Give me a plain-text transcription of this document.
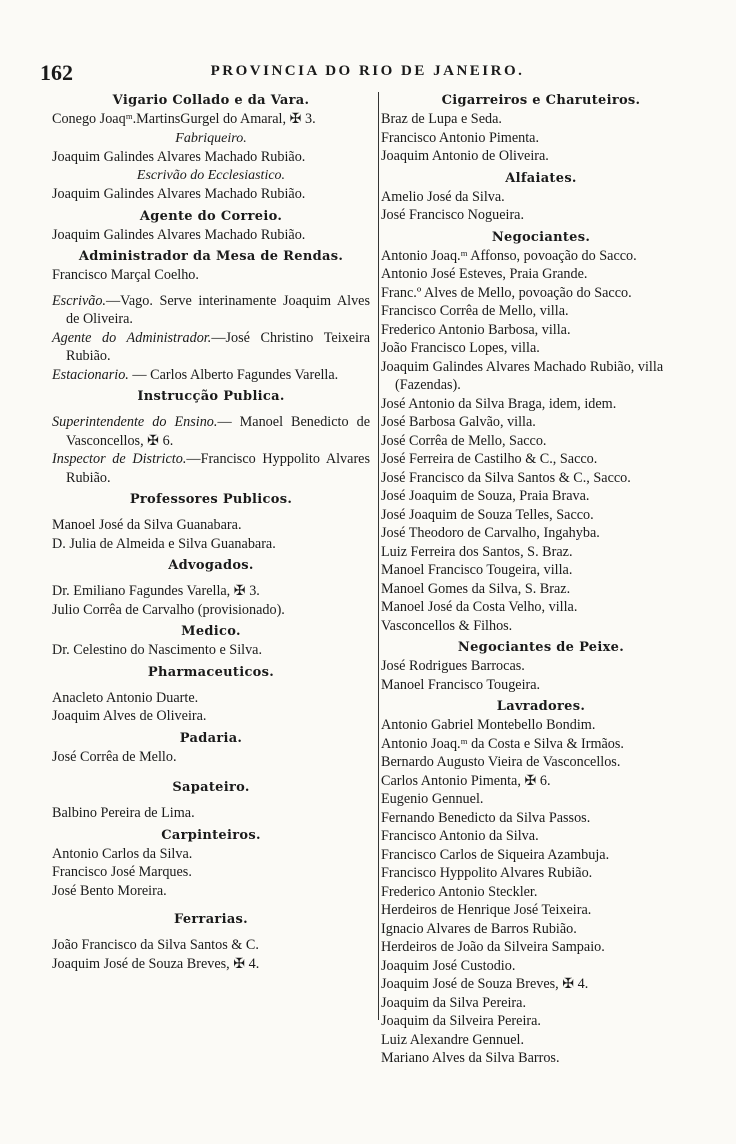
162	PROVINCIA DO RIO DE JANEIRO.
Vigario Collado e da Vara.
Conego Joaqᵐ.MartinsGurgel do Amaral, ✠ 3.
Fabriqueiro.
Joaquim Galindes Alvares Machado Rubião.
Escrivão do Ecclesiastico.
Joaquim Galindes Alvares Machado Rubião.
Agente do Correio.
Joaquim Galindes Alvares Machado Rubião.
Administrador da Mesa de Rendas.
Francisco Marçal Coelho.
Escrivão.—Vago. Serve interinamente Joaquim Alves de Oliveira.
Agente do Administrador.—José Christino Teixeira Rubião.
Estacionario. — Carlos Alberto Fagundes Varella.
Instrucção Publica.
Superintendente do Ensino.— Manoel Benedicto de Vasconcellos, ✠ 6.
Inspector de Districto.—Francisco Hyppolito Alvares Rubião.
Professores Publicos.
Manoel José da Silva Guanabara.
D. Julia de Almeida e Silva Guanabara.
Advogados.
Dr. Emiliano Fagundes Varella, ✠ 3.
Julio Corrêa de Carvalho (provisionado).
Medico.
Dr. Celestino do Nascimento e Silva.
Pharmaceuticos.
Anacleto Antonio Duarte.
Joaquim Alves de Oliveira.
Padaria.
José Corrêa de Mello.
Sapateiro.
Balbino Pereira de Lima.
Carpinteiros.
Antonio Carlos da Silva.
Francisco José Marques.
José Bento Moreira.
Ferrarias.
João Francisco da Silva Santos & C.
Joaquim José de Souza Breves, ✠ 4.
Cigarreiros e Charuteiros.
Braz de Lupa e Seda.
Francisco Antonio Pimenta.
Joaquim Antonio de Oliveira.
Alfaiates.
Amelio José da Silva.
José Francisco Nogueira.
Negociantes.
Antonio Joaq.ᵐ Affonso, povoação do Sacco.
Antonio José Esteves, Praia Grande.
Franc.º Alves de Mello, povoação do Sacco.
Francisco Corrêa de Mello, villa.
Frederico Antonio Barbosa, villa.
João Francisco Lopes, villa.
Joaquim Galindes Alvares Machado Rubião, villa (Fazendas).
José Antonio da Silva Braga, idem, idem.
José Barbosa Galvão, villa.
José Corrêa de Mello, Sacco.
José Ferreira de Castilho & C., Sacco.
José Francisco da Silva Santos & C., Sacco.
José Joaquim de Souza, Praia Brava.
José Joaquim de Souza Telles, Sacco.
José Theodoro de Carvalho, Ingahyba.
Luiz Ferreira dos Santos, S. Braz.
Manoel Francisco Tougeira, villa.
Manoel Gomes da Silva, S. Braz.
Manoel José da Costa Velho, villa.
Vasconcellos & Filhos.
Negociantes de Peixe.
José Rodrigues Barrocas.
Manoel Francisco Tougeira.
Lavradores.
Antonio Gabriel Montebello Bondim.
Antonio Joaq.ᵐ da Costa e Silva & Irmãos.
Bernardo Augusto Vieira de Vasconcellos.
Carlos Antonio Pimenta, ✠ 6.
Eugenio Gennuel.
Fernando Benedicto da Silva Passos.
Francisco Antonio da Silva.
Francisco Carlos de Siqueira Azambuja.
Francisco Hyppolito Alvares Rubião.
Frederico Antonio Steckler.
Herdeiros de Henrique José Teixeira.
Ignacio Alvares de Barros Rubião.
Herdeiros de João da Silveira Sampaio.
Joaquim José Custodio.
Joaquim José de Souza Breves, ✠ 4.
Joaquim da Silva Pereira.
Joaquim da Silveira Pereira.
Luiz Alexandre Gennuel.
Mariano Alves da Silva Barros.
